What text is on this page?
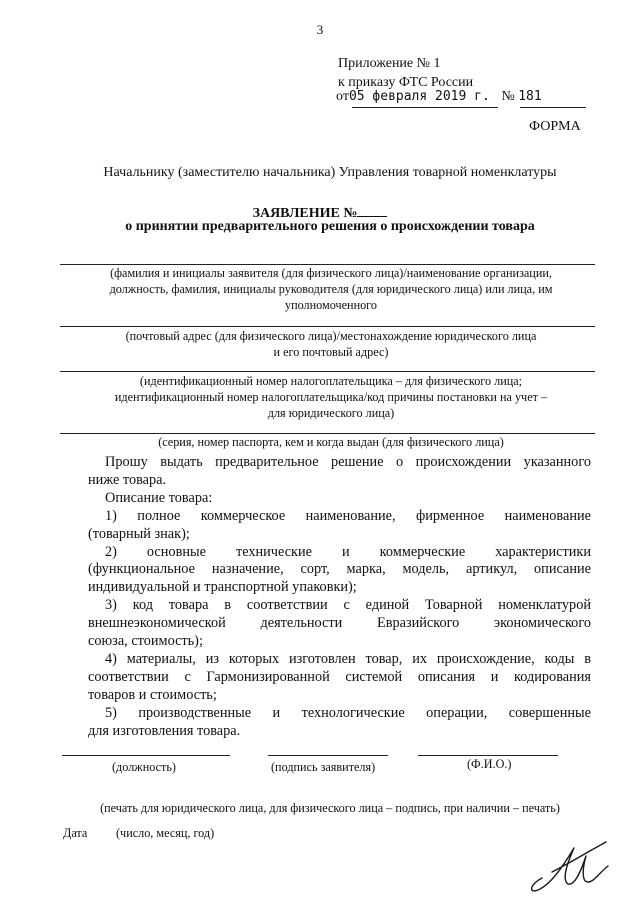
3
Приложение № 1
к приказу ФТС России
от05 февраля 2019 г. № 181
ФОРМА
Начальнику (заместителю начальника) Управления товарной номенклатуры
ЗАЯВЛЕНИЕ №
о принятии предварительного решения о происхождении товара
(фамилия и инициалы заявителя (для физического лица)/наименование организации,
должность, фамилия, инициалы руководителя (для юридического лица) или лица, им
уполномоченного
(почтовый адрес (для физического лица)/местонахождение юридического лица
и его почтовый адрес)
(идентификационный номер налогоплательщика – для физического лица;
идентификационный номер налогоплательщика/код причины постановки на учет –
для юридического лица)
(серия, номер паспорта, кем и когда выдан (для физического лица)

Прошу выдать предварительное решение о происхождении указанного

ниже товара.

Описание товара:

1) полное коммерческое наименование, фирменное наименование

(товарный знак);

2) основные технические и коммерческие характеристики

(функциональное назначение, сорт, марка, модель, артикул, описание

индивидуальной и транспортной упаковки);

3) код товара в соответствии с единой Товарной номенклатурой

внешнеэкономической деятельности Евразийского экономического

союза, стоимость);

4) материалы, из которых изготовлен товар, их происхождение, коды в

соответствии с Гармонизированной системой описания и кодирования

товаров и стоимость;

5) производственные и технологические операции, совершенные

для изготовления товара.

(должность)	(подпись заявителя)	(Ф.И.О.)
(печать для юридического лица, для физического лица – подпись, при наличии – печать)
Дата (число, месяц, год)
